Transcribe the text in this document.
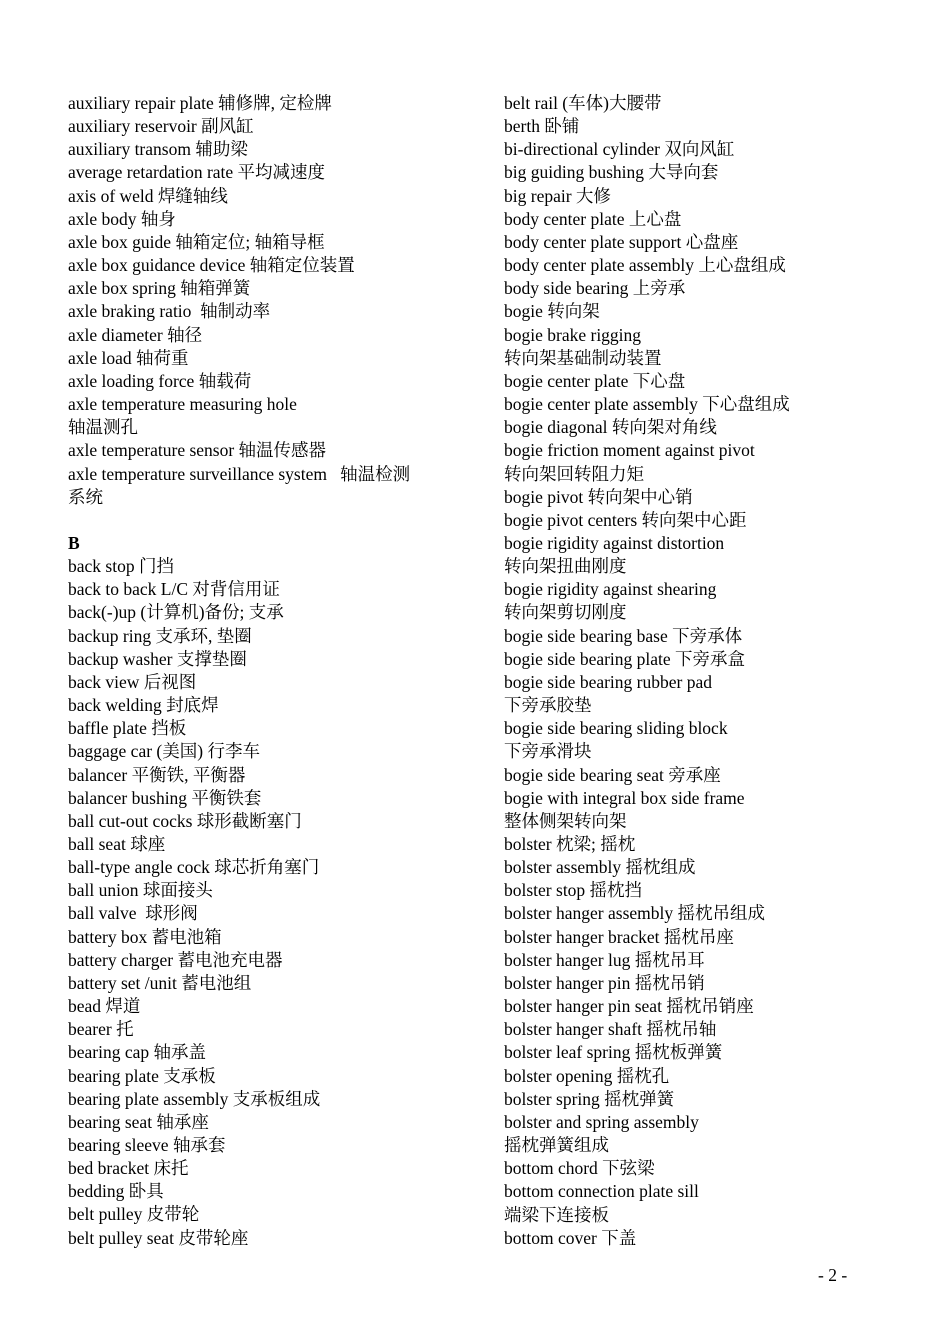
auxiliary repair plate 辅修牌, 定检牌
auxiliary reservoir 副风缸
auxiliary transom 辅助梁
average retardation rate 平均减速度
axis of weld 焊缝轴线
axle body 轴身
axle box guide 轴箱定位; 轴箱导框
axle box guidance device 轴箱定位装置
axle box spring 轴箱弹簧
axle braking ratio  轴制动率
axle diameter 轴径
axle load 轴荷重
axle loading force 轴载荷
axle temperature measuring hole
轴温测孔
axle temperature sensor 轴温传感器
axle temperature surveillance system   轴温检测
系统
B
back stop 门挡
back to back L/C 对背信用证
back(-)up (计算机)备份; 支承
backup ring 支承环, 垫圈
backup washer 支撑垫圈
back view 后视图
back welding 封底焊
baffle plate 挡板
baggage car (美国) 行李车
balancer 平衡铁, 平衡器
balancer bushing 平衡铁套
ball cut-out cocks 球形截断塞门
ball seat 球座
ball-type angle cock 球芯折角塞门
ball union 球面接头
ball valve  球形阀
battery box 蓄电池箱
battery charger 蓄电池充电器
battery set /unit 蓄电池组
bead 焊道
bearer 托
bearing cap 轴承盖
bearing plate 支承板
bearing plate assembly 支承板组成
bearing seat 轴承座
bearing sleeve 轴承套
bed bracket 床托
bedding 卧具
belt pulley 皮带轮
belt pulley seat 皮带轮座
belt rail (车体)大腰带
berth 卧铺
bi-directional cylinder 双向风缸
big guiding bushing 大导向套
big repair 大修
body center plate 上心盘
body center plate support 心盘座
body center plate assembly 上心盘组成
body side bearing 上旁承
bogie 转向架
bogie brake rigging
转向架基础制动装置
bogie center plate 下心盘
bogie center plate assembly 下心盘组成
bogie diagonal 转向架对角线
bogie friction moment against pivot
转向架回转阻力矩
bogie pivot 转向架中心销
bogie pivot centers 转向架中心距
bogie rigidity against distortion
转向架扭曲刚度
bogie rigidity against shearing
转向架剪切刚度
bogie side bearing base 下旁承体
bogie side bearing plate 下旁承盒
bogie side bearing rubber pad
下旁承胶垫
bogie side bearing sliding block
下旁承滑块
bogie side bearing seat 旁承座
bogie with integral box side frame
整体侧架转向架
bolster 枕梁; 摇枕
bolster assembly 摇枕组成
bolster stop 摇枕挡
bolster hanger assembly 摇枕吊组成
bolster hanger bracket 摇枕吊座
bolster hanger lug 摇枕吊耳
bolster hanger pin 摇枕吊销
bolster hanger pin seat 摇枕吊销座
bolster hanger shaft 摇枕吊轴
bolster leaf spring 摇枕板弹簧
bolster opening 摇枕孔
bolster spring 摇枕弹簧
bolster and spring assembly
摇枕弹簧组成
bottom chord 下弦梁
bottom connection plate sill
端梁下连接板
bottom cover 下盖
- 2 -
